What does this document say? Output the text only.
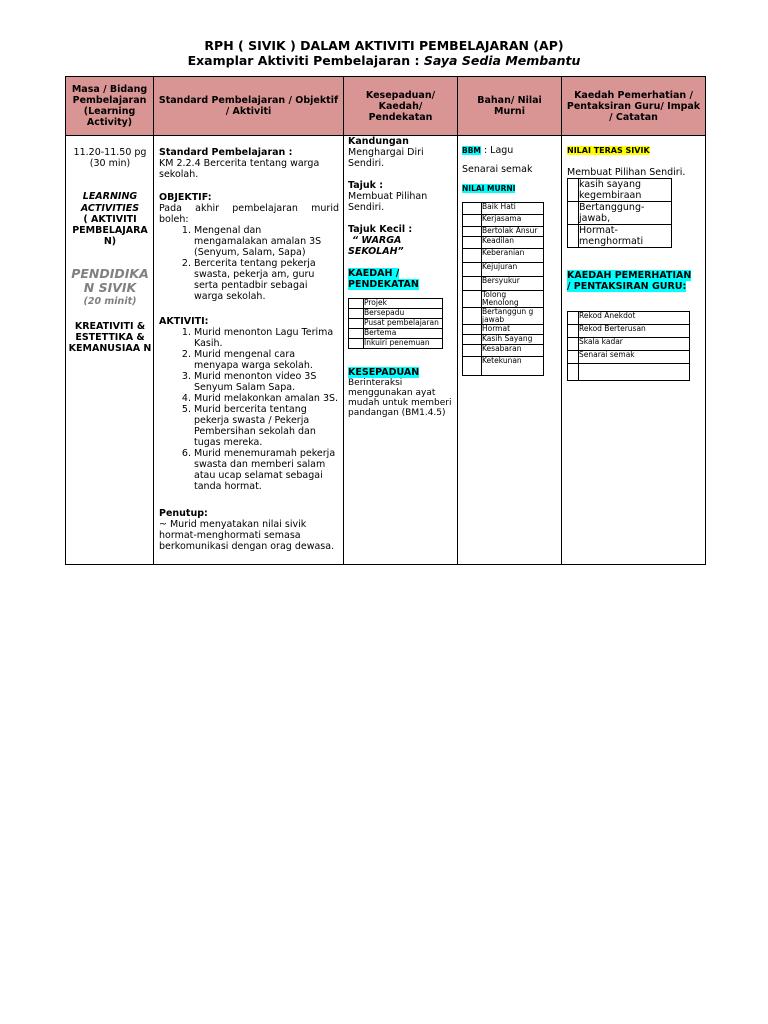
RPH ( SIVIK ) DALAM AKTIVITI PEMBELAJARAN (AP)
Examplar Aktiviti Pembelajaran : Saya Sedia Membantu
Masa / Bidang Pembelajaran (Learning Activity)	Standard Pembelajaran / Objektif / Aktiviti	Kesepaduan/ Kaedah/ Pendekatan	Bahan/ Nilai Murni	Kaedah Pemerhatian / Pentaksiran Guru/ Impak / Catatan

11.20-11.50 pg
(30 min)
LEARNING
ACTIVITIES
( AKTIVITI PEMBELAJARA N)
PENDIDIKA N SIVIK
(20 minit)
KREATIVITI & ESTETTIKA & KEMANUSIAA N

Standard Pembelajaran :
KM 2.2.4 Bercerita tentang warga sekolah.
OBJEKTIF:
Pada akhir pembelajaran murid boleh:
1. Mengenal dan mengamalakan amalan 3S (Senyum, Salam, Sapa)
2. Bercerita tentang pekerja swasta, pekerja am, guru serta pentadbir sebagai warga sekolah.
AKTIVITI:
1. Murid menonton Lagu Terima Kasih.
2. Murid mengenal cara menyapa warga sekolah.
3. Murid menonton video 3S Senyum Salam Sapa.
4. Murid melakonkan amalan 3S.
5. Murid bercerita tentang pekerja swasta / Pekerja Pembersihan sekolah dan tugas mereka.
6. Murid menemuramah pekerja swasta dan memberi salam atau ucap selamat sebagai tanda hormat.
Penutup:
~ Murid menyatakan nilai sivik hormat-menghormati semasa berkomunikasi dengan orag dewasa.

Kandungan
Menghargai Diri Sendiri.
Tajuk :
Membuat Pilihan Sendiri.
Tajuk Kecil :
“ WARGA SEKOLAH”
KAEDAH / PENDEKATAN
	Projek
	Bersepadu
	Pusat pembelajaran
	Bertema
	Inkuiri penemuan
KESEPADUAN
Berinteraksi menggunakan ayat mudah untuk memberi pandangan (BM1.4.5)

BBM : Lagu
Senarai semak
NILAI MURNI
	Baik Hati
	Kerjasama
	Bertolak Ansur
	Keadilan
	Keberanian
	Kejujuran
	Bersyukur
	Tolong Menolong
	Bertanggun g jawab
	Hormat
	Kasih Sayang
	Kesabaran
	Ketekunan

NILAI TERAS SIVIK
Membuat Pilihan Sendiri.
	kasih sayang kegembiraan
	Bertanggung-jawab,
	Hormat-menghormati
KAEDAH PEMERHATIAN / PENTAKSIRAN GURU:
	Rekod Anekdot
	Rekod Berterusan
	Skala kadar
	Senarai semak
